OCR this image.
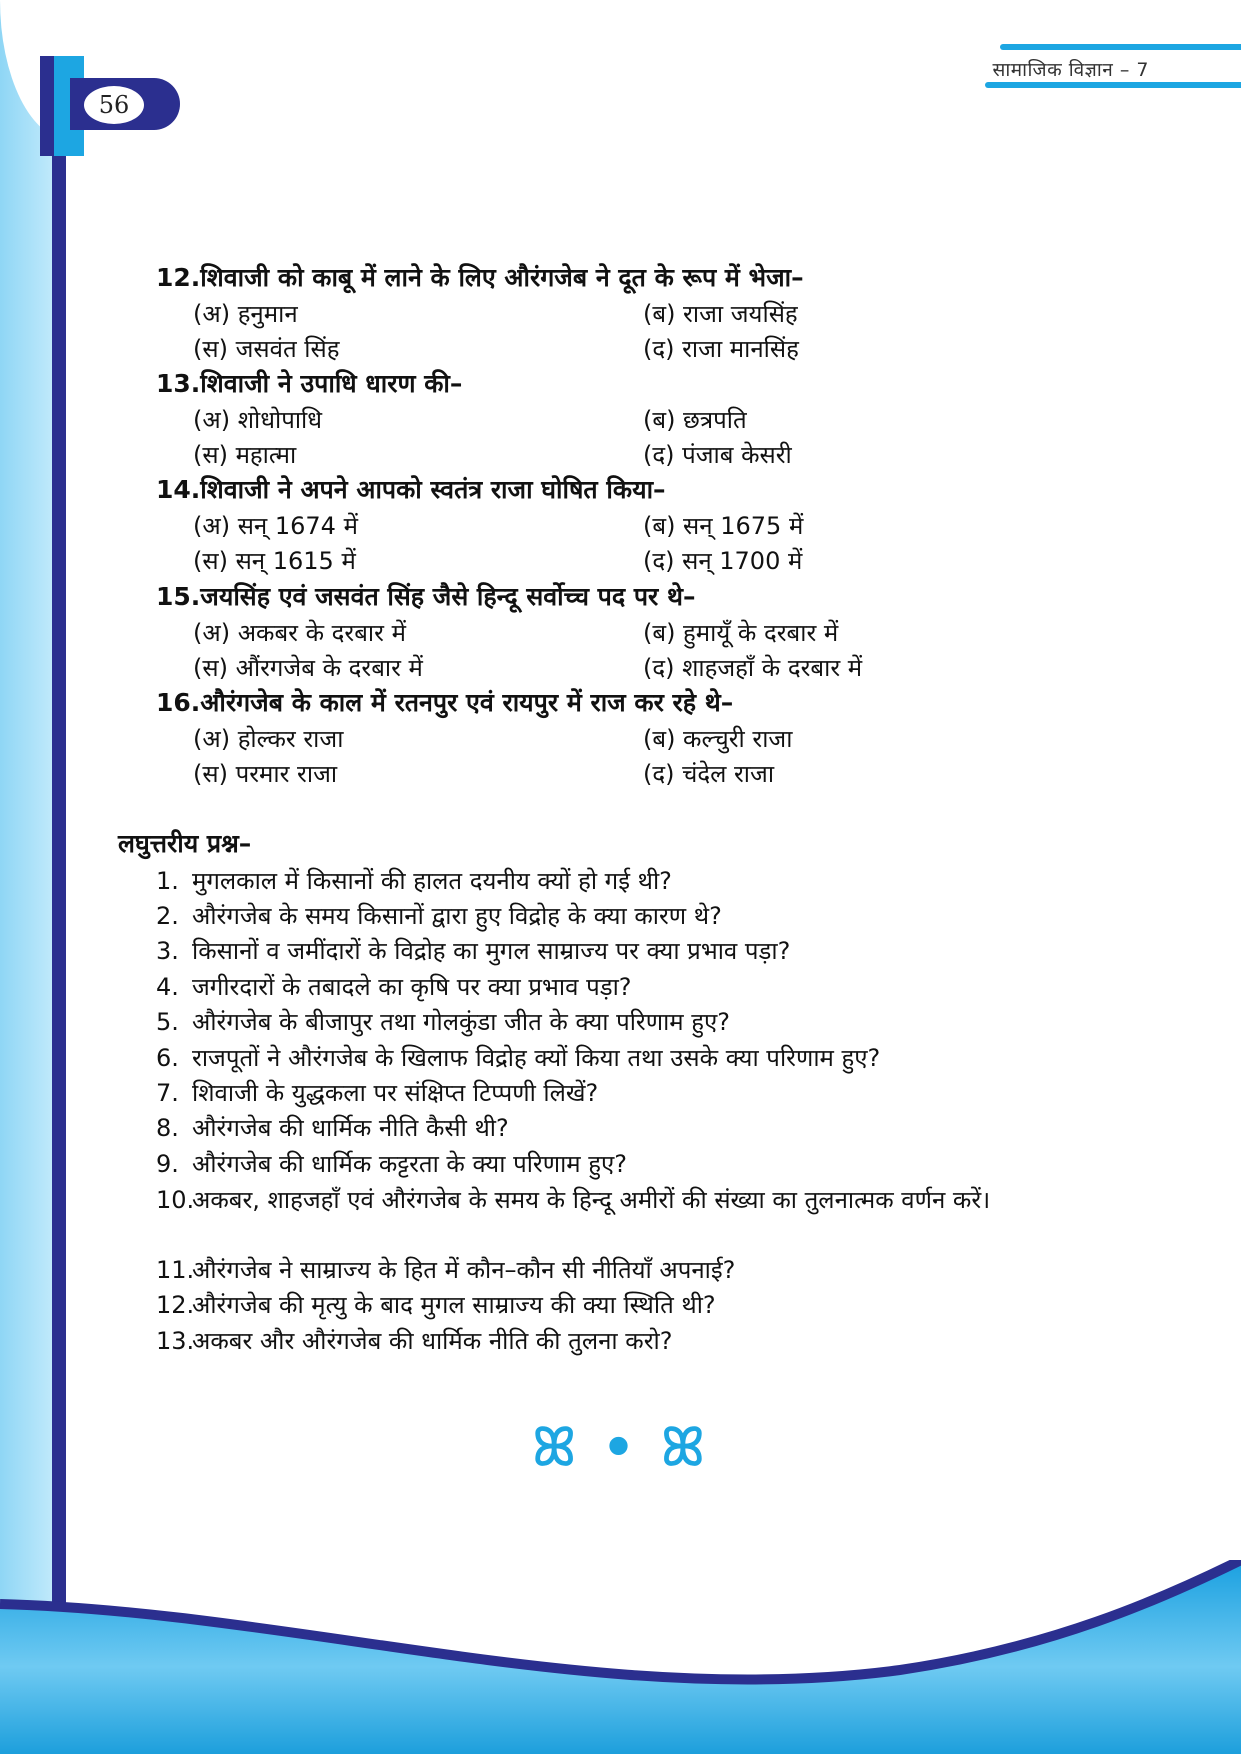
56
सामाजिक विज्ञान – 7
12.शिवाजी को काबू में लाने के लिए औरंगजेब ने दूत के रूप में भेजा–
(अ) हनुमान	(ब) राजा जयसिंह
(स) जसवंत सिंह	(द) राजा मानसिंह
13.शिवाजी ने उपाधि धारण की–
(अ) शोधोपाधि	(ब) छत्रपति
(स) महात्मा	(द) पंजाब केसरी
14.शिवाजी ने अपने आपको स्वतंत्र राजा घोषित किया–
(अ) सन् 1674 में	(ब) सन् 1675 में
(स) सन् 1615 में	(द) सन् 1700 में
15.जयसिंह एवं जसवंत सिंह जैसे हिन्दू सर्वोच्च पद पर थे–
(अ) अकबर के दरबार में	(ब) हुमायूँ के दरबार में
(स) औंरगजेब के दरबार में	(द) शाहजहाँ के दरबार में
16.औरंगजेब के काल में रतनपुर एवं रायपुर में राज कर रहे थे–
(अ) होल्कर राजा	(ब) कल्चुरी राजा
(स) परमार राजा	(द) चंदेल राजा
लघुत्तरीय प्रश्न–
1. मुगलकाल में किसानों की हालत दयनीय क्यों हो गई थी?
2. औरंगजेब के समय किसानों द्वारा हुए विद्रोह के क्या कारण थे?
3. किसानों व जमींदारों के विद्रोह का मुगल साम्राज्य पर क्या प्रभाव पड़ा?
4. जगीरदारों के तबादले का कृषि पर क्या प्रभाव पड़ा?
5. औरंगजेब के बीजापुर तथा गोलकुंडा जीत के क्या परिणाम हुए?
6. राजपूतों ने औरंगजेब के खिलाफ विद्रोह क्यों किया तथा उसके क्या परिणाम हुए?
7. शिवाजी के युद्धकला पर संक्षिप्त टिप्पणी लिखें?
8. औरंगजेब की धार्मिक नीति कैसी थी?
9. औरंगजेब की धार्मिक कट्टरता के क्या परिणाम हुए?
10.
अकबर, शाहजहाँ एवं औरंगजेब के समय के हिन्दू अमीरों की संख्या का तुलनात्मक वर्णन करें।
11.औरंगजेब ने साम्राज्य के हित में कौन–कौन सी नीतियाँ अपनाई?
12.औरंगजेब की मृत्यु के बाद मुगल साम्राज्य की क्या स्थिति थी?
13.अकबर और औरंगजेब की धार्मिक नीति की तुलना करो?
ꕤ • ꕤ
